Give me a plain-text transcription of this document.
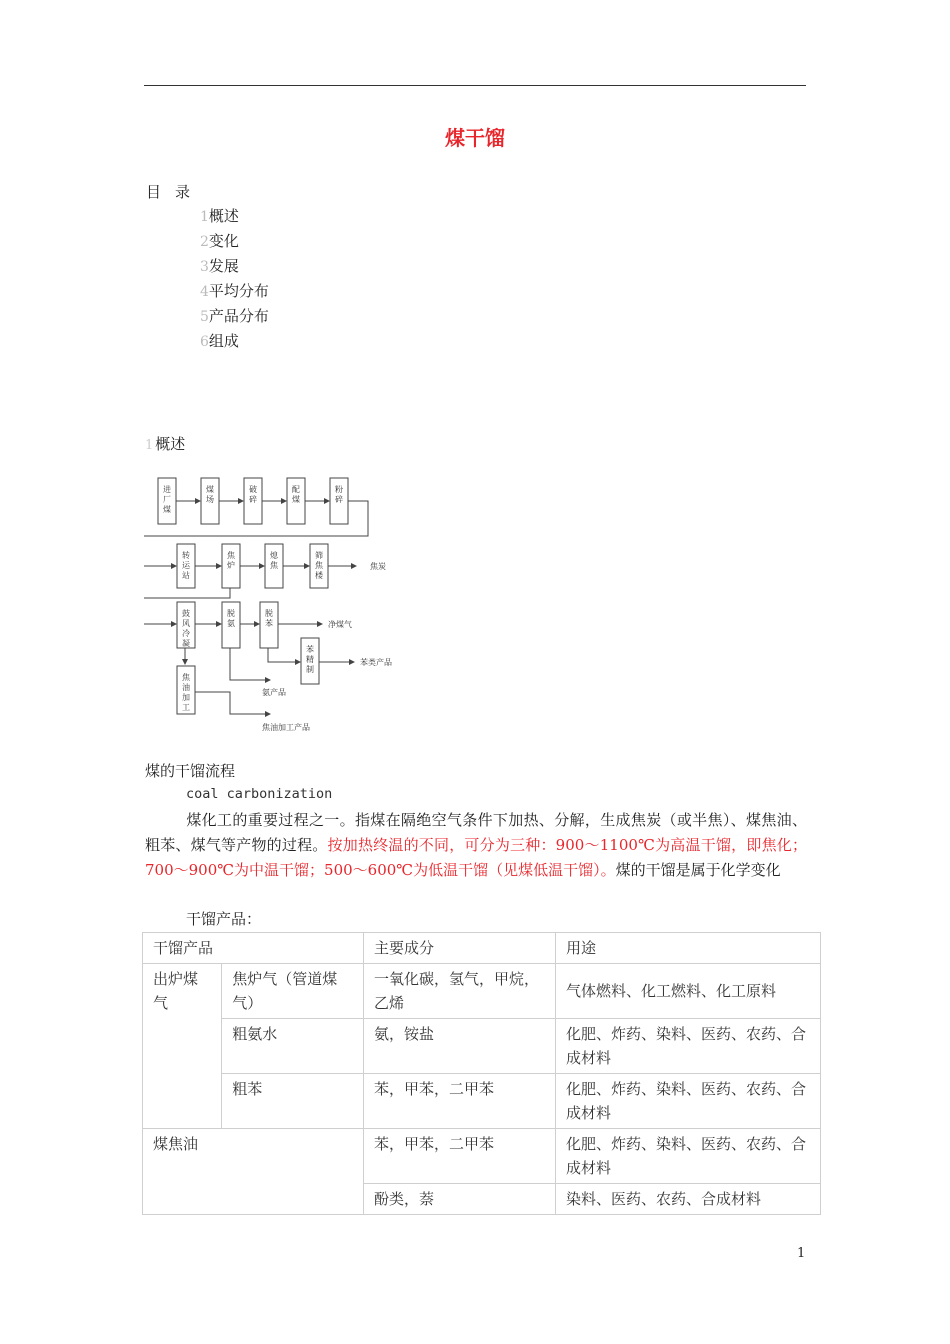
煤干馏
目录
1概述
2变化
3发展
4平均分布
5产品分布
6组成
1 概述
进厂煤
煤场
破碎
配煤
粉碎
转运站
焦炉
熄焦
筛焦楼
鼓风冷凝
脱氨
脱苯
苯精制
焦油加工
焦炭
净煤气
苯类产品
氨产品
焦油加工产品
煤的干馏流程
coal carbonization
煤化工的重要过程之一。指煤在隔绝空气条件下加热、分解，生成焦炭（或半焦）、煤焦油、粗苯、煤气等产物的过程。按加热终温的不同，可分为三种：900～1100℃为高温干馏，即焦化；700～900℃为中温干馏；500～600℃为低温干馏（见煤低温干馏）。煤的干馏是属于化学变化
干馏产品：
干馏产品		主要成分	用途
出炉煤气	焦炉气（管道煤气）	一氧化碳，氢气，甲烷，乙烯	气体燃料、化工燃料、化工原料
	粗氨水	氨，铵盐	化肥、炸药、染料、医药、农药、合成材料
	粗苯	苯，甲苯，二甲苯	化肥、炸药、染料、医药、农药、合成材料
煤焦油		苯，甲苯，二甲苯	化肥、炸药、染料、医药、农药、合成材料
		酚类，萘	染料、医药、农药、合成材料
1
